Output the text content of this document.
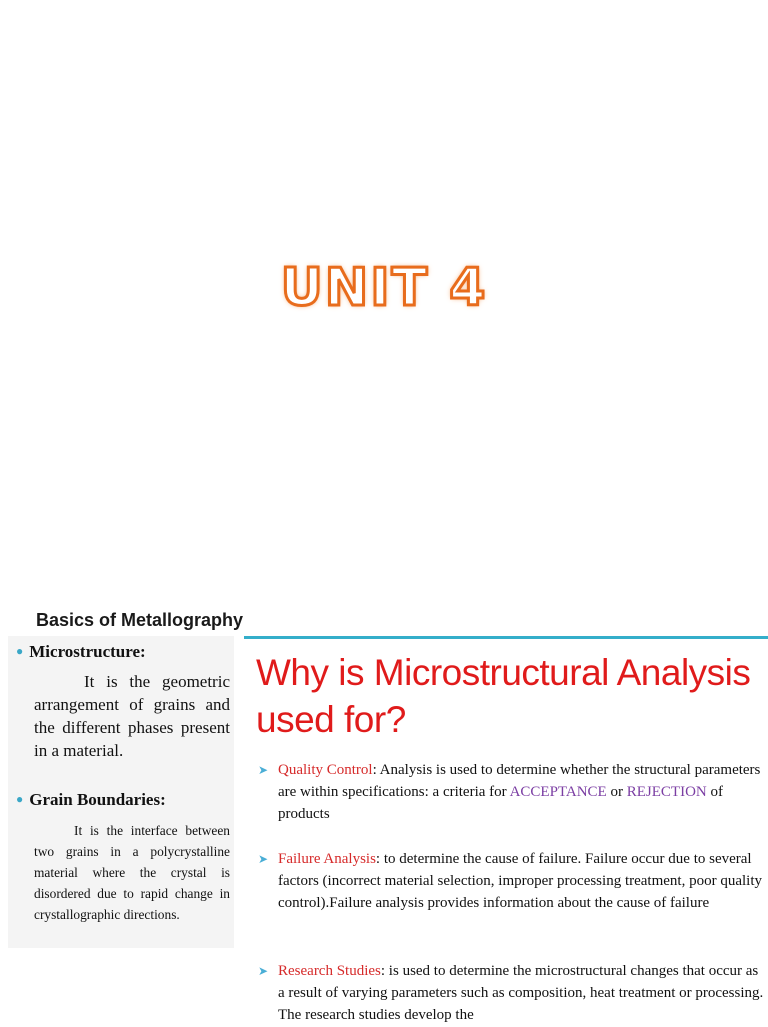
UNIT 4
Basics of Metallography
● Microstructure:

It is the geometric arrangement of grains and the different phases present in a material.

● Grain Boundaries:

It is the interface between two grains in a polycrystalline material where the crystal is disordered due to rapid change in crystallographic directions.

Why is Microstructural Analysis used for?
➤ Quality Control: Analysis is used to determine whether the structural parameters are within specifications: a criteria for ACCEPTANCE or REJECTION of products

➤ Failure Analysis: to determine the cause of failure. Failure occur due to several factors (incorrect material selection, improper processing treatment, poor quality control).Failure analysis provides information about the cause of failure

➤ Research Studies: is used to determine the microstructural changes that occur as a result of varying parameters such as composition, heat treatment or processing. The research studies develop the
